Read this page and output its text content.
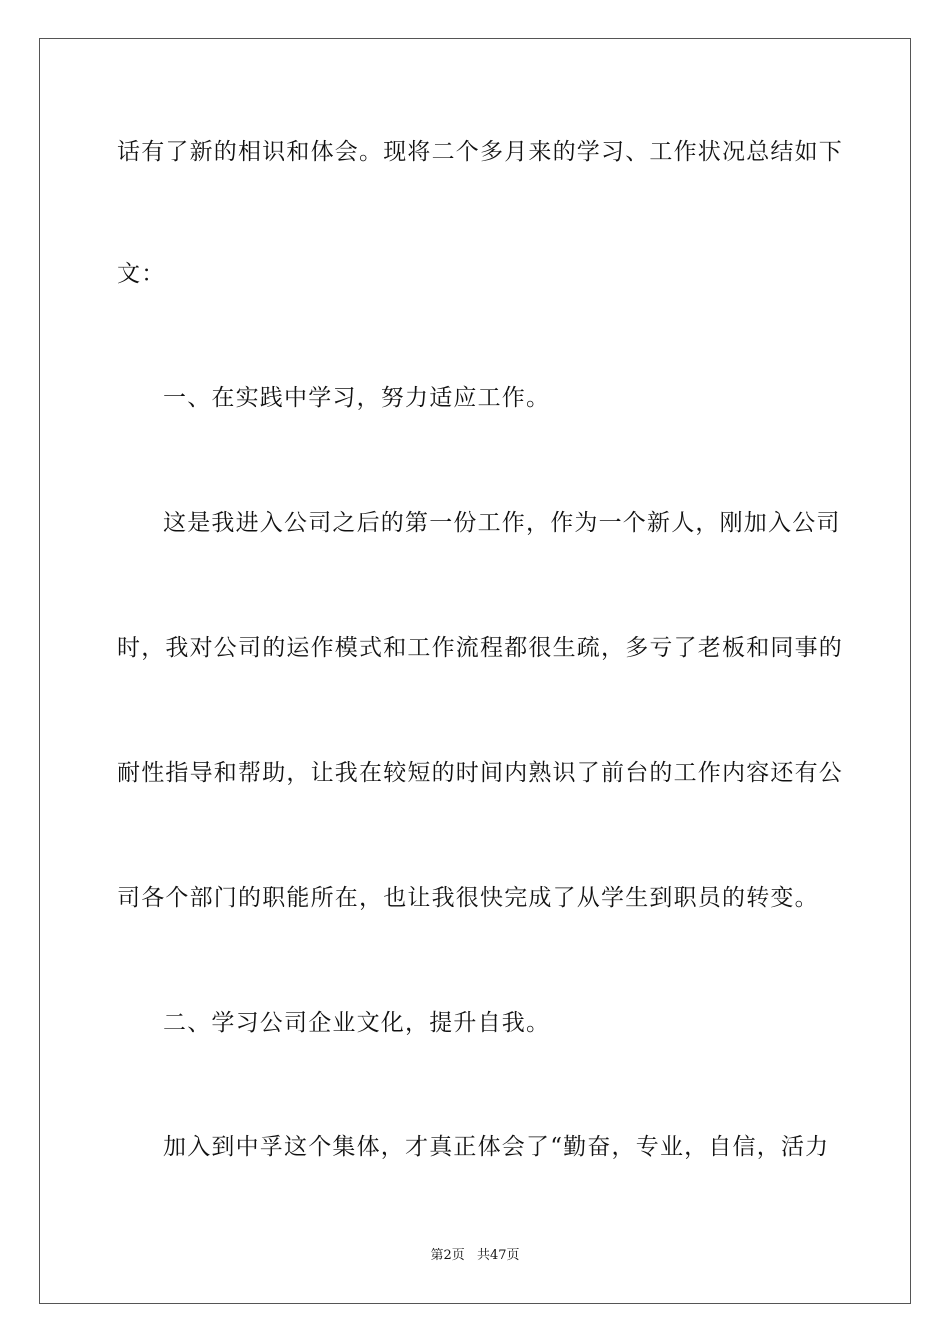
话有了新的相识和体会。现将二个多月来的学习、工作状况总结如下
文：
一、在实践中学习，努力适应工作。
这是我进入公司之后的第一份工作，作为一个新人，刚加入公司
时，我对公司的运作模式和工作流程都很生疏，多亏了老板和同事的
耐性指导和帮助，让我在较短的时间内熟识了前台的工作内容还有公
司各个部门的职能所在，也让我很快完成了从学生到职员的转变。
二、学习公司企业文化，提升自我。
加入到中孚这个集体，才真正体会了“勤奋，专业，自信，活力
第2页 共47页
